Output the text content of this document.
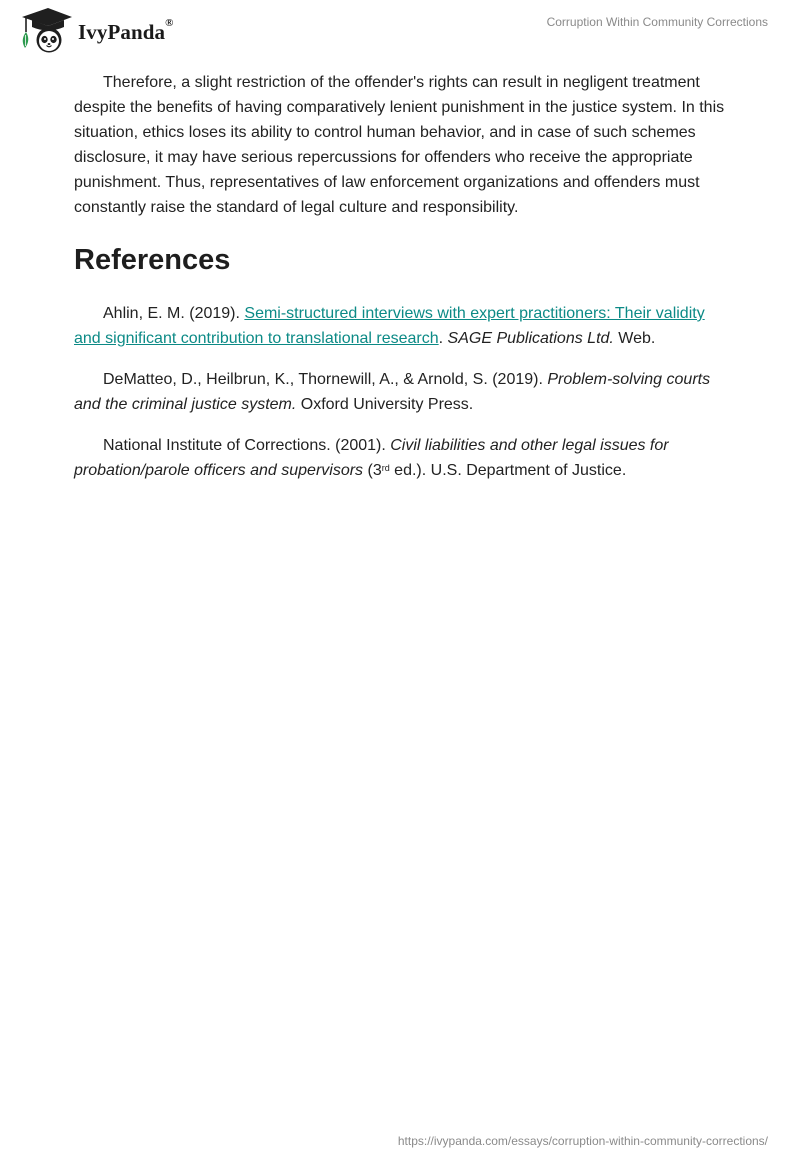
IvyPanda®	Corruption Within Community Corrections

Therefore, a slight restriction of the offender's rights can result in negligent treatment despite the benefits of having comparatively lenient punishment in the justice system. In this situation, ethics loses its ability to control human behavior, and in case of such schemes disclosure, it may have serious repercussions for offenders who receive the appropriate punishment. Thus, representatives of law enforcement organizations and offenders must constantly raise the standard of legal culture and responsibility.

References

Ahlin, E. M. (2019). Semi-structured interviews with expert practitioners: Their validity and significant contribution to translational research. SAGE Publications Ltd. Web.

DeMatteo, D., Heilbrun, K., Thornewill, A., & Arnold, S. (2019). Problem-solving courts and the criminal justice system. Oxford University Press.

National Institute of Corrections. (2001). Civil liabilities and other legal issues for probation/parole officers and supervisors (3rd ed.). U.S. Department of Justice.

https://ivypanda.com/essays/corruption-within-community-corrections/
